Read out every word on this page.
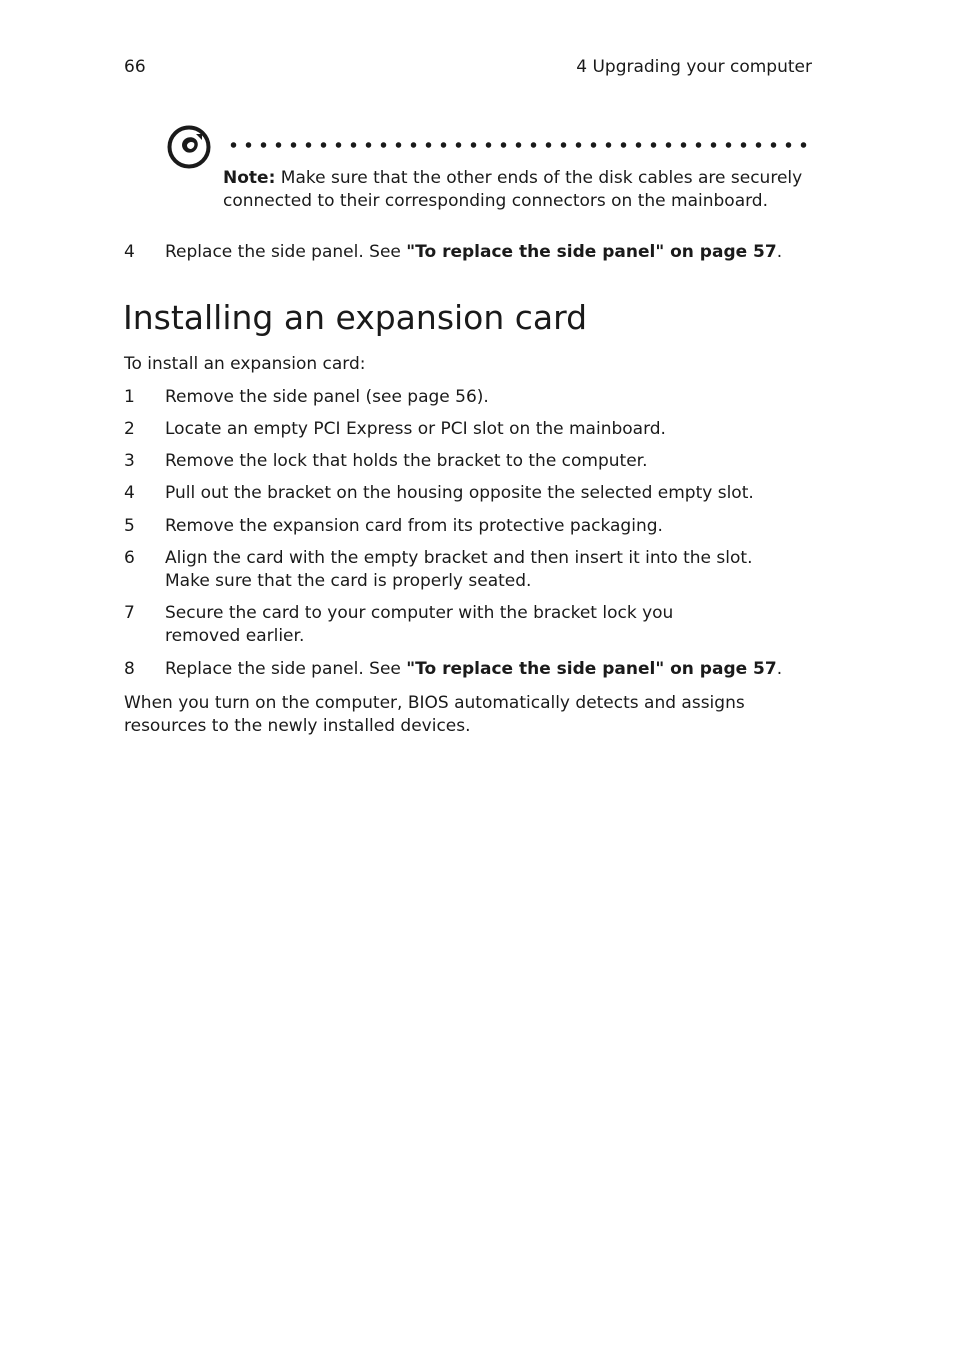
66	4 Upgrading your computer
Note: Make sure that the other ends of the disk cables are securely connected to their corresponding connectors on the mainboard.
4 Replace the side panel. See "To replace the side panel" on page 57.
Installing an expansion card
To install an expansion card:
1 Remove the side panel (see page 56).
2 Locate an empty PCI Express or PCI slot on the mainboard.
3 Remove the lock that holds the bracket to the computer.
4 Pull out the bracket on the housing opposite the selected empty slot.
5 Remove the expansion card from its protective packaging.
6 Align the card with the empty bracket and then insert it into the slot.
Make sure that the card is properly seated.
7 Secure the card to your computer with the bracket lock you
removed earlier.
8 Replace the side panel. See "To replace the side panel" on page 57.
When you turn on the computer, BIOS automatically detects and assigns resources to the newly installed devices.
